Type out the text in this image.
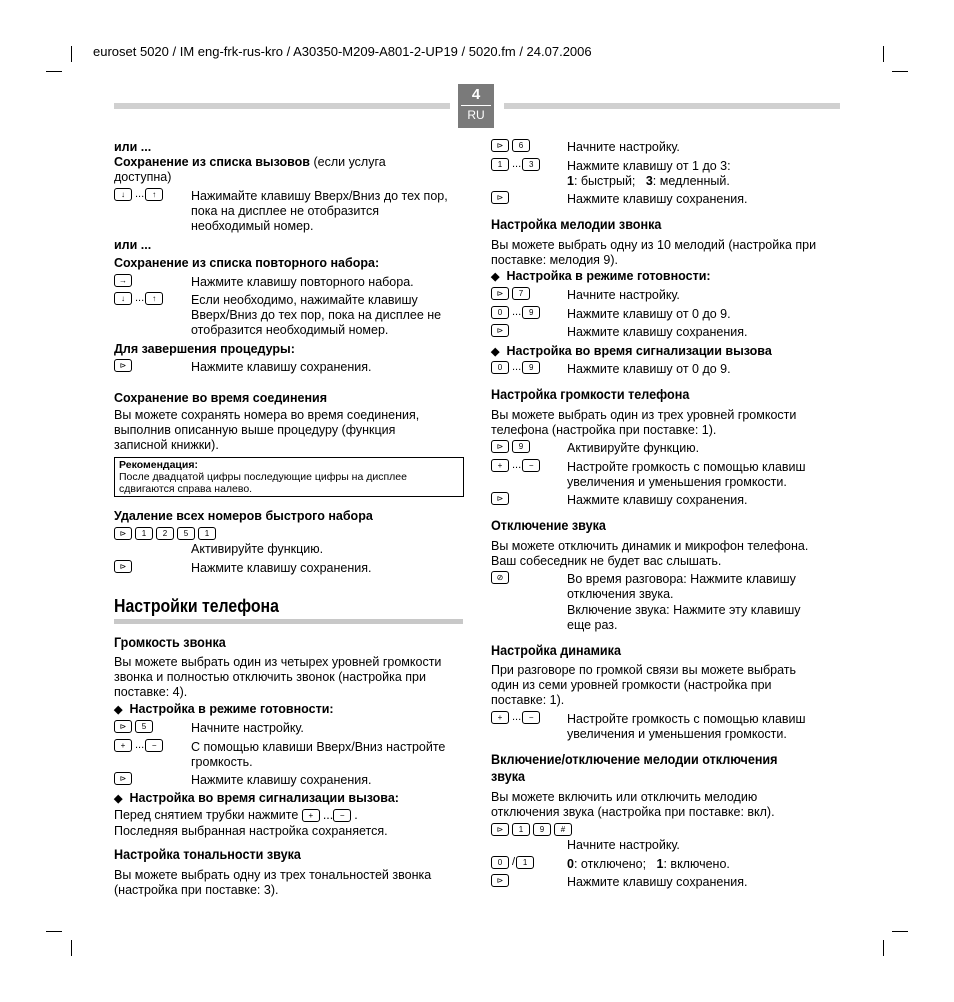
euroset 5020 / IM eng-frk-rus-kro / A30350-M209-A801-2-UP19 / 5020.fm / 24.07.2006
4
RU
или ...
Сохранение из списка вызовов (если услуга
доступна)
↓ ... ↑	Нажимайте клавишу Вверх/Вниз до тех пор,
пока на дисплее не отобразится
необходимый номер.
или ...
Сохранение из списка повторного набора:
→	Нажмите клавишу повторного набора.
↓ ... ↑	Если необходимо, нажимайте клавишу
Вверх/Вниз до тех пор, пока на дисплее не
отобразится необходимый номер.
Для завершения процедуры:
⊳	Нажмите клавишу сохранения.
Сохранение во время соединения
Вы можете сохранять номера во время соединения,
выполнив описанную выше процедуру (функция
записной книжки).
Рекомендация:
После двадцатой цифры последующие цифры на дисплее сдвигаются справа налево.
Удаление всех номеров быстрого набора
⊳ 1 2 5 1
Активируйте функцию.
⊳	Нажмите клавишу сохранения.
Настройки телефона
Громкость звонка
Вы можете выбрать один из четырех уровней громкости
звонка и полностью отключить звонок (настройка при
поставке: 4).
◆ Настройка в режиме готовности:
⊳ 5	Начните настройку.
+ ... −	С помощью клавиши Вверх/Вниз настройте
громкость.
⊳	Нажмите клавишу сохранения.
◆ Настройка во время сигнализации вызова:
Перед снятием трубки нажмите + ... − .
Последняя выбранная настройка сохраняется.
Настройка тональности звука
Вы можете выбрать одну из трех тональностей звонка
(настройка при поставке: 3).
⊳ 6	Начните настройку.
1 ... 3	Нажмите клавишу от 1 до 3:
1: быстрый; 3: медленный.
⊳	Нажмите клавишу сохранения.
Настройка мелодии звонка
Вы можете выбрать одну из 10 мелодий (настройка при
поставке: мелодия 9).
◆ Настройка в режиме готовности:
⊳ 7	Начните настройку.
0 ... 9	Нажмите клавишу от 0 до 9.
⊳	Нажмите клавишу сохранения.
◆ Настройка во время сигнализации вызова
0 ... 9	Нажмите клавишу от 0 до 9.
Настройка громкости телефона
Вы можете выбрать один из трех уровней громкости
телефона (настройка при поставке: 1).
⊳ 9	Активируйте функцию.
+ ... −	Настройте громкость с помощью клавиш
увеличения и уменьшения громкости.
⊳	Нажмите клавишу сохранения.
Отключение звука
Вы можете отключить динамик и микрофон телефона.
Ваш собеседник не будет вас слышать.
⊘	Во время разговора: Нажмите клавишу
отключения звука.
Включение звука: Нажмите эту клавишу
еще раз.
Настройка динамика
При разговоре по громкой связи вы можете выбрать
один из семи уровней громкости (настройка при
поставке: 1).
+ ... −	Настройте громкость с помощью клавиш
увеличения и уменьшения громкости.
Включение/отключение мелодии отключения
звука
Вы можете включить или отключить мелодию
отключения звука (настройка при поставке: вкл).
⊳ 1 9 #
Начните настройку.
0 / 1	0: отключено; 1: включено.
⊳	Нажмите клавишу сохранения.
